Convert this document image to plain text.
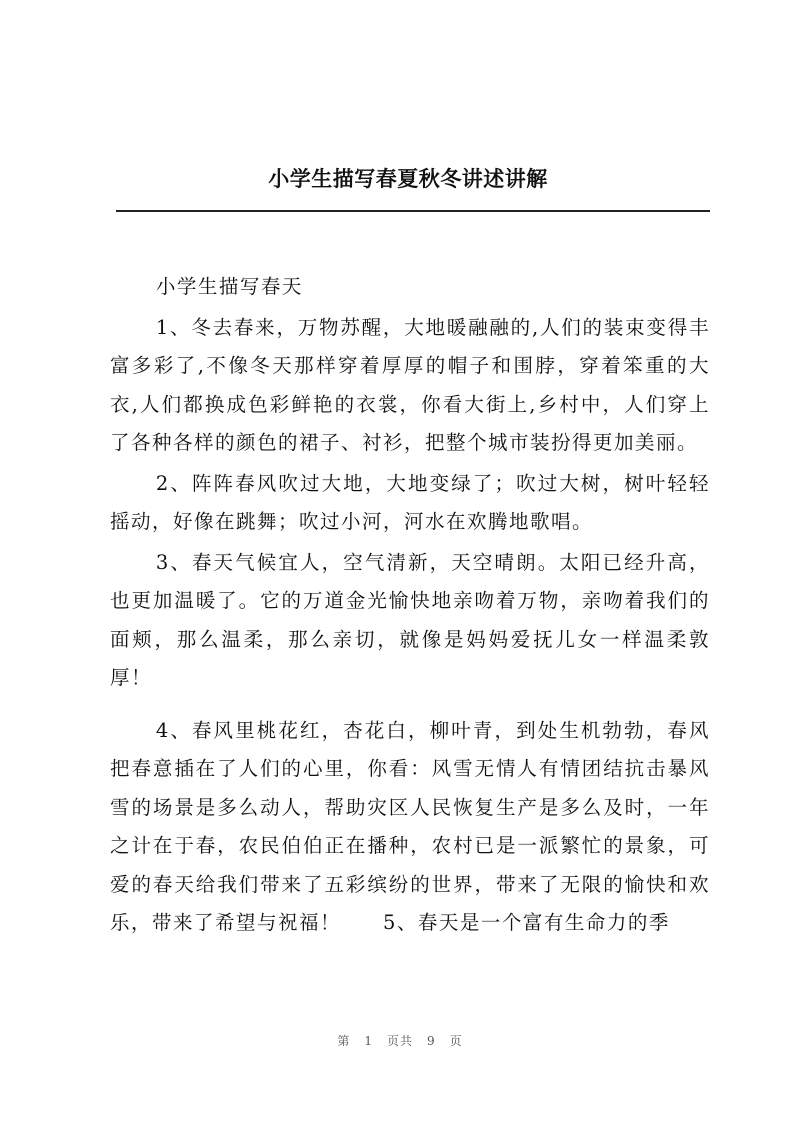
小学生描写春夏秋冬讲述讲解

小学生描写春天

1、冬去春来，万物苏醒，大地暖融融的,人们的装束变得丰富多彩了,不像冬天那样穿着厚厚的帽子和围脖，穿着笨重的大衣,人们都换成色彩鲜艳的衣裳，你看大街上,乡村中，人们穿上了各种各样的颜色的裙子、衬衫，把整个城市装扮得更加美丽。

2、阵阵春风吹过大地，大地变绿了；吹过大树，树叶轻轻摇动，好像在跳舞；吹过小河，河水在欢腾地歌唱。

3、春天气候宜人，空气清新，天空晴朗。太阳已经升高，也更加温暖了。它的万道金光愉快地亲吻着万物，亲吻着我们的面颊，那么温柔，那么亲切，就像是妈妈爱抚儿女一样温柔敦厚！

4、春风里桃花红，杏花白，柳叶青，到处生机勃勃，春风把春意插在了人们的心里，你看：风雪无情人有情团结抗击暴风雪的场景是多么动人，帮助灾区人民恢复生产是多么及时，一年之计在于春，农民伯伯正在播种，农村已是一派繁忙的景象，可爱的春天给我们带来了五彩缤纷的世界，带来了无限的愉快和欢乐，带来了希望与祝福！　　5、春天是一个富有生命力的季

第 1 页共 9 页
